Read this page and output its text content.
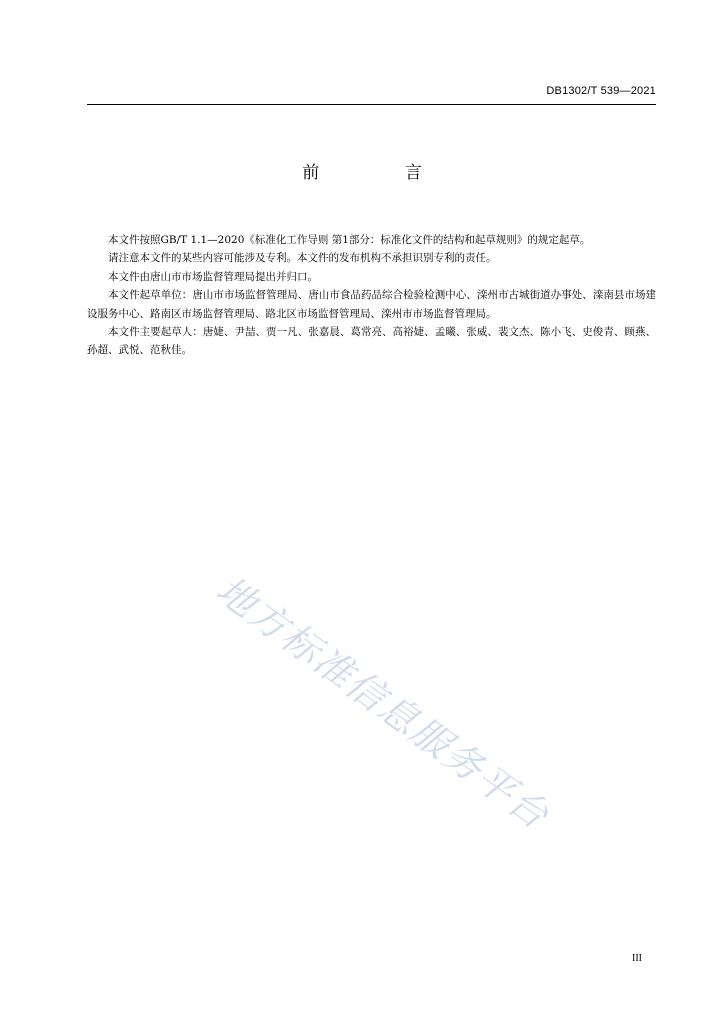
DB1302/T 539—2021
前 言

本文件按照GB/T 1.1—2020《标准化工作导则 第1部分：标准化文件的结构和起草规则》的规定起草。

请注意本文件的某些内容可能涉及专利。本文件的发布机构不承担识别专利的责任。

本文件由唐山市市场监督管理局提出并归口。

本文件起草单位：唐山市市场监督管理局、唐山市食品药品综合检验检测中心、滦州市古城街道办事处、滦南县市场建设服务中心、路南区市场监督管理局、路北区市场监督管理局、滦州市市场监督管理局。

本文件主要起草人：唐婕、尹喆、贾一凡、张嘉晨、葛常亮、高裕婕、孟曦、张威、裴文杰、陈小飞、史俊青、顾燕、孙超、武悦、范秋佳。

地方标准信息服务平台
III
